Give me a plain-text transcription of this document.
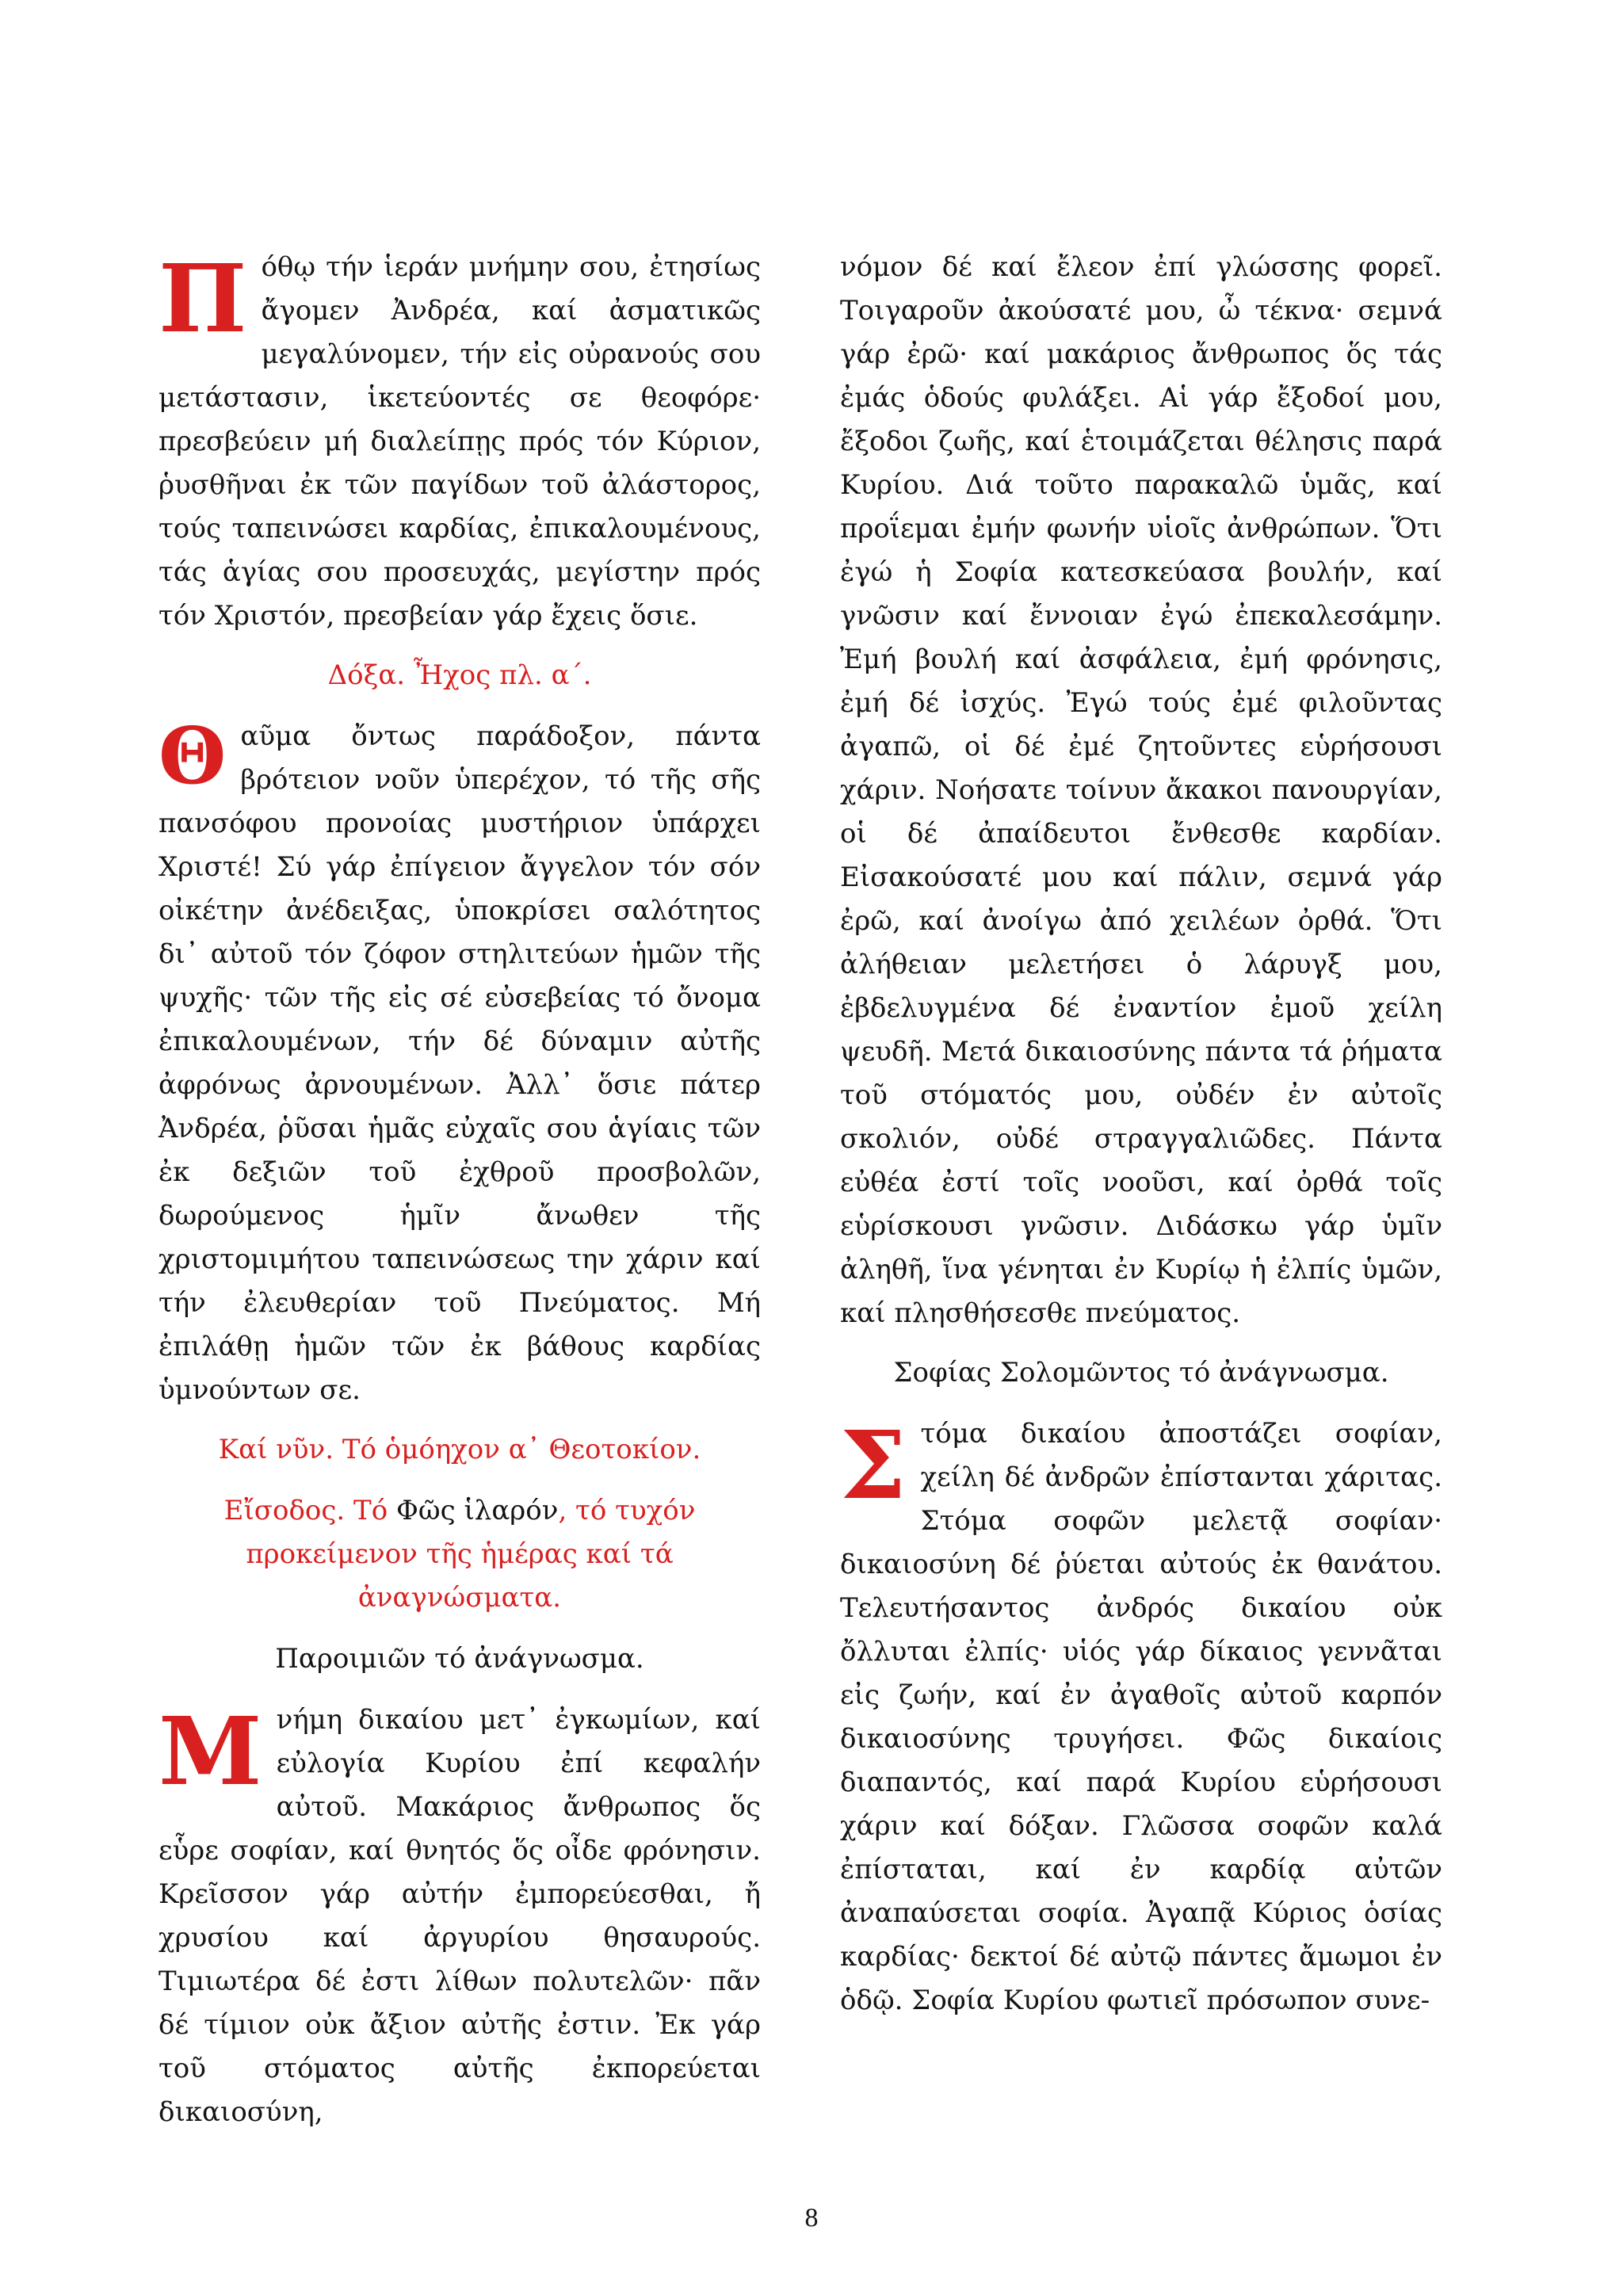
Π όθῳ τήν ἱεράν μνήμην σου, ἐτησίως ἄγομεν Ἀνδρέα, καί ἀσματικῶς μεγαλύνομεν, τήν εἰς οὐρανούς σου μετάστασιν, ἱκετεύοντές σε θεοφόρε· πρεσβεύειν μή διαλείπῃς πρός τόν Κύριον, ῥυσθῆναι ἐκ τῶν παγίδων τοῦ ἀλάστορος, τούς ταπεινώσει καρδίας, ἐπικαλουμένους, τάς ἁγίας σου προσευχάς, μεγίστην πρός τόν Χριστόν, πρεσβείαν γάρ ἔχεις ὅσιε.

Δόξα. Ἦχος πλ. α΄.

Θ αῦμα ὄντως παράδοξον, πάντα βρότειον νοῦν ὑπερέχον, τό τῆς σῆς πανσόφου προνοίας μυστήριον ὑπάρχει Χριστέ! Σύ γάρ ἐπίγειον ἄγγελον τόν σόν οἰκέτην ἀνέδειξας, ὑποκρίσει σαλότητος δι᾿ αὐτοῦ τόν ζόφον στηλιτεύων ἡμῶν τῆς ψυχῆς· τῶν τῆς εἰς σέ εὐσεβείας τό ὄνομα ἐπικαλουμένων, τήν δέ δύναμιν αὐτῆς ἀφρόνως ἀρνουμένων. Ἀλλ᾿ ὅσιε πάτερ Ἀνδρέα, ῥῦσαι ἡμᾶς εὐχαῖς σου ἁγίαις τῶν ἐκ δεξιῶν τοῦ ἐχθροῦ προσβολῶν, δωρούμενος ἡμῖν ἄνωθεν τῆς χριστομιμήτου ταπεινώσεως την χάριν καί τήν ἐλευθερίαν τοῦ Πνεύματος. Μή ἐπιλάθῃ ἡμῶν τῶν ἐκ βάθους καρδίας ὑμνούντων σε.

Καί νῦν. Τό ὁμόηχον α᾿ Θεοτοκίον.

Εἴσοδος. Τό Φῶς ἱλαρόν, τό τυχόν προκείμενον τῆς ἡμέρας καί τά ἀναγνώσματα.

Παροιμιῶν τό ἀνάγνωσμα.

Μ νήμη δικαίου μετ᾿ ἐγκωμίων, καί εὐλογία Κυρίου ἐπί κεφαλήν αὐτοῦ. Μακάριος ἄνθρωπος ὅς εὗρε σοφίαν, καί θνητός ὅς οἶδε φρόνησιν. Κρεῖσσον γάρ αὐτήν ἐμπορεύεσθαι, ἤ χρυσίου καί ἀργυρίου θησαυρούς. Τιμιωτέρα δέ ἐστι λίθων πολυτελῶν· πᾶν δέ τίμιον οὐκ ἄξιον αὐτῆς ἐστιν. Ἐκ γάρ τοῦ στόματος αὐτῆς ἐκπορεύεται δικαιοσύνη,

νόμον δέ καί ἔλεον ἐπί γλώσσης φορεῖ. Τοιγαροῦν ἀκούσατέ μου, ὦ τέκνα· σεμνά γάρ ἐρῶ· καί μακάριος ἄνθρωπος ὅς τάς ἐμάς ὁδούς φυλάξει. Αἱ γάρ ἔξοδοί μου, ἔξοδοι ζωῆς, καί ἑτοιμάζεται θέλησις παρά Κυρίου. Διά τοῦτο παρακαλῶ ὑμᾶς, καί προΐεμαι ἐμήν φωνήν υἱοῖς ἀνθρώπων. Ὅτι ἐγώ ἡ Σοφία κατεσκεύασα βουλήν, καί γνῶσιν καί ἔννοιαν ἐγώ ἐπεκαλεσάμην. Ἐμή βουλή καί ἀσφάλεια, ἐμή φρόνησις, ἐμή δέ ἰσχύς. Ἐγώ τούς ἐμέ φιλοῦντας ἀγαπῶ, οἱ δέ ἐμέ ζητοῦντες εὑρήσουσι χάριν. Νοήσατε τοίνυν ἄκακοι πανουργίαν, οἱ δέ ἀπαίδευτοι ἔνθεσθε καρδίαν. Εἰσακούσατέ μου καί πάλιν, σεμνά γάρ ἐρῶ, καί ἀνοίγω ἀπό χειλέων ὀρθά. Ὅτι ἀλήθειαν μελετήσει ὁ λάρυγξ μου, ἐβδελυγμένα δέ ἐναντίον ἐμοῦ χείλη ψευδῆ. Μετά δικαιοσύνης πάντα τά ῥήματα τοῦ στόματός μου, οὐδέν ἐν αὐτοῖς σκολιόν, οὐδέ στραγγαλιῶδες. Πάντα εὐθέα ἐστί τοῖς νοοῦσι, καί ὀρθά τοῖς εὑρίσκουσι γνῶσιν. Διδάσκω γάρ ὑμῖν ἀληθῆ, ἵνα γένηται ἐν Κυρίῳ ἡ ἐλπίς ὑμῶν, καί πλησθήσεσθε πνεύματος.

Σοφίας Σολομῶντος τό ἀνάγνωσμα.

Σ τόμα δικαίου ἀποστάζει σοφίαν, χείλη δέ ἀνδρῶν ἐπίστανται χάριτας. Στόμα σοφῶν μελετᾷ σοφίαν· δικαιοσύνη δέ ῥύεται αὐτούς ἐκ θανάτου. Τελευτήσαντος ἀνδρός δικαίου οὐκ ὄλλυται ἐλπίς· υἱός γάρ δίκαιος γεννᾶται εἰς ζωήν, καί ἐν ἀγαθοῖς αὐτοῦ καρπόν δικαιοσύνης τρυγήσει. Φῶς δικαίοις διαπαντός, καί παρά Κυρίου εὑρήσουσι χάριν καί δόξαν. Γλῶσσα σοφῶν καλά ἐπίσταται, καί ἐν καρδίᾳ αὐτῶν ἀναπαύσεται σοφία. Ἀγαπᾷ Κύριος ὁσίας καρδίας· δεκτοί δέ αὐτῷ πάντες ἄμωμοι ἐν ὁδῷ. Σοφία Κυρίου φωτιεῖ πρόσωπον συνε-

8
